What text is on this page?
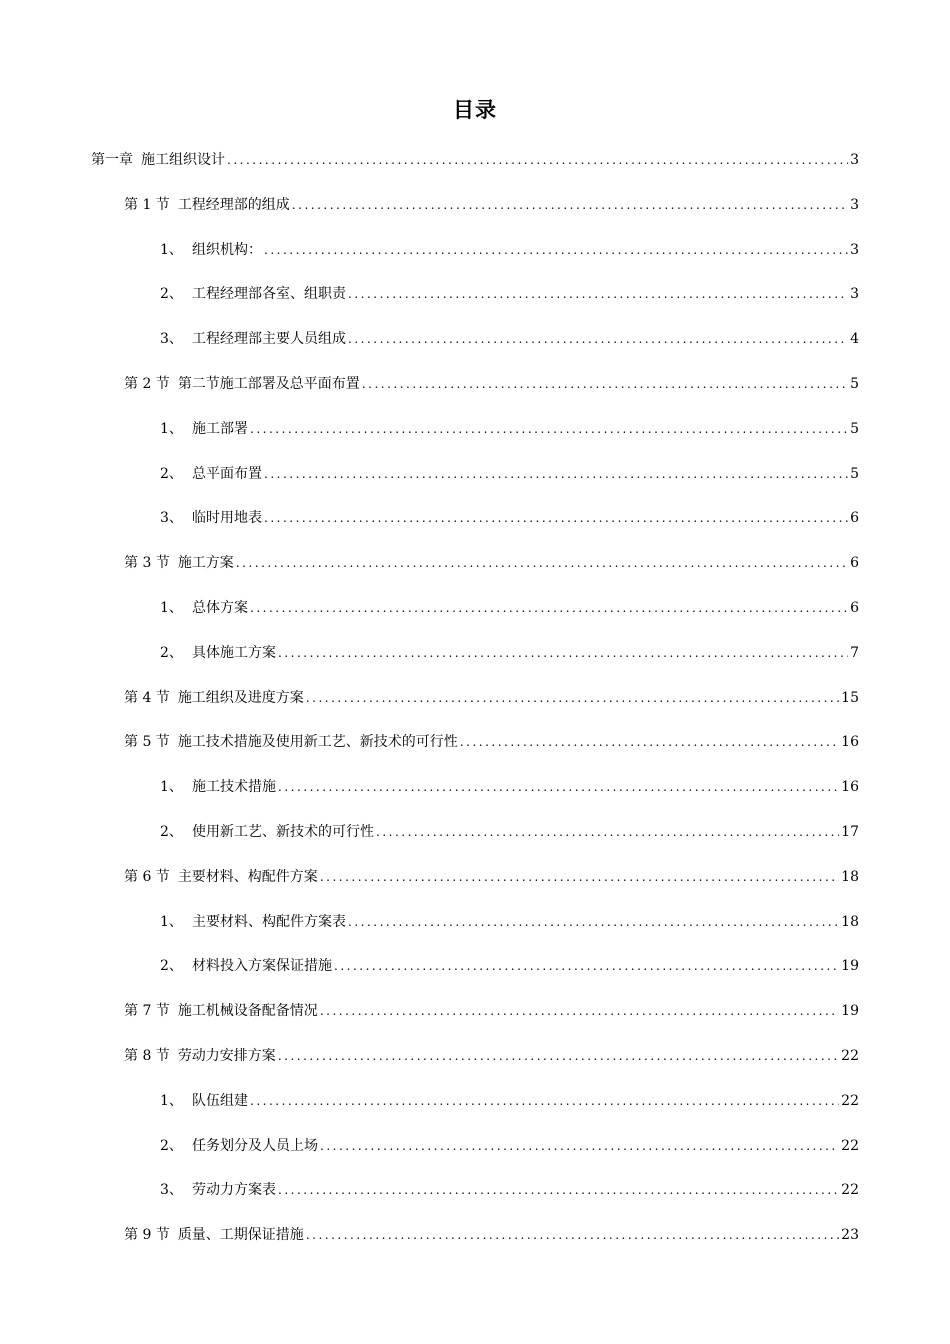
目录
第一章 施工组织设计 .....	3
第 1 节 工程经理部的组成 .....	3
1、 组织机构： .....	3
2、 工程经理部各室、组职责 .....	3
3、 工程经理部主要人员组成 .....	4
第 2 节 第二节施工部署及总平面布置 .....	5
1、 施工部署 .....	5
2、 总平面布置 .....	5
3、 临时用地表 .....	6
第 3 节 施工方案 .....	6
1、 总体方案 .....	6
2、 具体施工方案 .....	7
第 4 节 施工组织及进度方案 .....	15
第 5 节 施工技术措施及使用新工艺、新技术的可行性 .....	16
1、 施工技术措施 .....	16
2、 使用新工艺、新技术的可行性 .....	17
第 6 节 主要材料、构配件方案 .....	18
1、 主要材料、构配件方案表 .....	18
2、 材料投入方案保证措施 .....	19
第 7 节 施工机械设备配备情况 .....	19
第 8 节 劳动力安排方案 .....	22
1、 队伍组建 .....	22
2、 任务划分及人员上场 .....	22
3、 劳动力方案表 .....	22
第 9 节 质量、工期保证措施 .....	23
